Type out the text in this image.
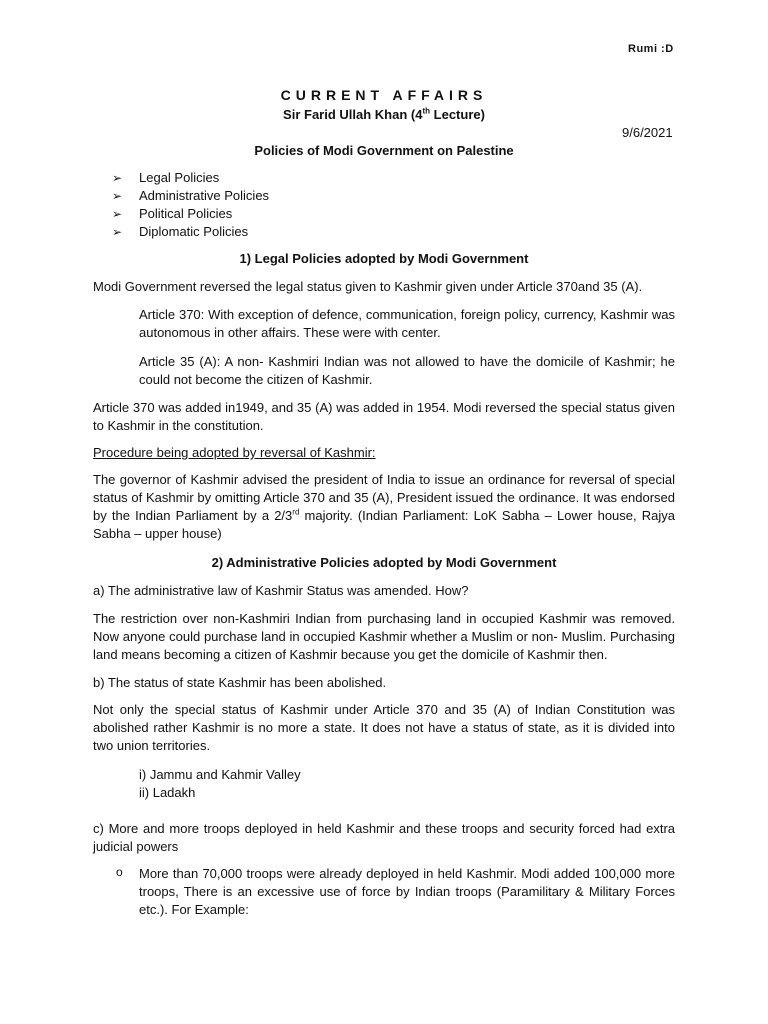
Rumi :D
CURRENT AFFAIRS
Sir Farid Ullah Khan (4th Lecture)
9/6/2021
Policies of Modi Government on Palestine
➢	Legal Policies
➢	Administrative Policies
➢	Political Policies
➢	Diplomatic Policies
1) Legal Policies adopted by Modi Government

Modi Government reversed the legal status given to Kashmir given under Article 370and 35 (A).

Article 370: With exception of defence, communication, foreign policy, currency, Kashmir was autonomous in other affairs. These were with center.

Article 35 (A): A non- Kashmiri Indian was not allowed to have the domicile of Kashmir; he could not become the citizen of Kashmir.

Article 370 was added in1949, and 35 (A) was added in 1954. Modi reversed the special status given to Kashmir in the constitution.

Procedure being adopted by reversal of Kashmir:

The governor of Kashmir advised the president of India to issue an ordinance for reversal of special status of Kashmir by omitting Article 370 and 35 (A), President issued the ordinance. It was endorsed by the Indian Parliament by a 2/3rd majority. (Indian Parliament: LoK Sabha – Lower house, Rajya Sabha – upper house)

2) Administrative Policies adopted by Modi Government

a) The administrative law of Kashmir Status was amended. How?

The restriction over non-Kashmiri Indian from purchasing land in occupied Kashmir was removed. Now anyone could purchase land in occupied Kashmir whether a Muslim or non- Muslim. Purchasing land means becoming a citizen of Kashmir because you get the domicile of Kashmir then.

b) The status of state Kashmir has been abolished.

Not only the special status of Kashmir under Article 370 and 35 (A) of Indian Constitution was abolished rather Kashmir is no more a state. It does not have a status of state, as it is divided into two union territories.

i) Jammu and Kahmir Valley
ii) Ladakh

c) More and more troops deployed in held Kashmir and these troops and security forced had extra judicial powers

o More than 70,000 troops were already deployed in held Kashmir. Modi added 100,000 more troops, There is an excessive use of force by Indian troops (Paramilitary & Military Forces etc.). For Example:
